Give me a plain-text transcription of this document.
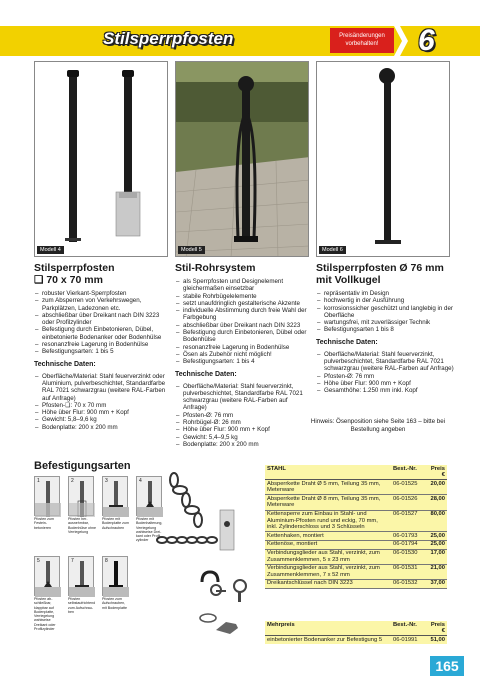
Stilsperrpfosten	Preisänderungen vorbehalten!	6
Modell 4	Modell 5	Modell 6
Stilsperrpfosten
❏ 70 x 70 mm
– robuster Vierkant-Sperrpfosten
– zum Absperren von Verkehrswegen, Parkplätzen, Ladezonen etc.
– abschließbar über Dreikant nach DIN 3223 oder Profilzylinder
– Befestigung durch Einbetonieren, Dübel, einbetonierte Bodenanker oder Bodenhülse
– resonanzfreie Lagerung in Bodenhülse
– Befestigungsarten: 1 bis 5
Technische Daten:
– Oberfläche/Material: Stahl feuerverzinkt oder Aluminium, pulverbeschichtet, Standardfarbe RAL 7021 schwarzgrau (weitere RAL-Farben auf Anfrage)
– Pfosten-❏: 70 x 70 mm
– Höhe über Flur: 900 mm + Kopf
– Gewicht: 5,8–9,6 kg
– Bodenplatte: 200 x 200 mm
Stil-Rohrsystem
– als Sperrpfosten und Designelement gleichermaßen einsetzbar
– stabile Rohrbügelelemente
– setzt unaufdringlich gestalterische Akzente
– individuelle Abstimmung durch freie Wahl der Farbgebung
– abschließbar über Dreikant nach DIN 3223
– Befestigung durch Einbetonieren, Dübel oder Bodenhülse
– resonanzfreie Lagerung in Bodenhülse
– Ösen als Zubehör nicht möglich!
– Befestigungsarten: 1 bis 4
Technische Daten:
– Oberfläche/Material: Stahl feuerverzinkt, pulverbeschichtet, Standardfarbe RAL 7021 schwarzgrau (weitere RAL-Farben auf Anfrage)
– Pfosten-Ø: 76 mm
– Rohrbügel-Ø: 26 mm
– Höhe über Flur: 900 mm + Kopf
– Gewicht: 5,4–9,5 kg
– Bodenplatte: 200 x 200 mm
Stilsperrpfosten Ø 76 mm mit Vollkugel
– repräsentativ im Design
– hochwertig in der Ausführung
– korrosionssicher geschützt und langlebig in der Oberfläche
– wartungsfrei, mit zuverlässiger Technik
– Befestigungsarten 1 bis 8
Technische Daten:
– Oberfläche/Material: Stahl feuerverzinkt, pulverbeschichtet, Standardfarbe RAL 7021 schwarzgrau (weitere RAL-Farben auf Anfrage)
– Pfosten-Ø: 76 mm
– Höhe über Flur: 900 mm + Kopf
– Gesamthöhe: 1.250 mm inkl. Kopf
Hinweis: Ösenposition siehe Seite 163 – bitte bei Bestellung angeben
Befestigungsarten
1
Pfosten zum Festeinbetonieren
2
Pfosten herausnehmbar, Bodenhülse ohne Verriegelung
3
Pfosten mit Bodenplatte zum Aufschrauben
4
Pfosten mit Bodenhalterung, Verriegelung wahlweise Dreikant oder Profilzylinder
5
Pfosten abschließbar, klappbar auf Bodenplatte, Verriegelung wahlweise Dreikant oder Profilzylinder
7
Pfosten selbstaufrichtend zum Aufschrauben
8
Pfosten zum Aufschrauben, mit Bodenplatte
STAHL	Best.-Nr.	Preis €
Absperrkette Draht Ø 5 mm, Teilung 35 mm, Meterware	06-01525	20,00
Absperrkette Draht Ø 8 mm, Teilung 35 mm, Meterware	06-01526	28,00
Kettensperre zum Einbau in Stahl- und Aluminium-Pfosten rund und eckig, 70 mm, inkl. Zylinderschloss und 3 Schlüsseln	06-01527	80,00
Kettenhaken, montiert	06-01793	25,00
Kettenöse, montiert	06-01794	25,00
Verbindungsglieder aus Stahl, verzinkt, zum Zusammenklemmen, 5 x 23 mm	06-01530	17,00
Verbindungsglieder aus Stahl, verzinkt, zum Zusammenklemmen, 7 x 52 mm	06-01531	21,00
Dreikantschlüssel nach DIN 3223	06-01532	37,00
Mehrpreis	Best.-Nr.	Preis €
einbetonierter Bodenanker zur Befestigung 5	06-01991	51,00
165
